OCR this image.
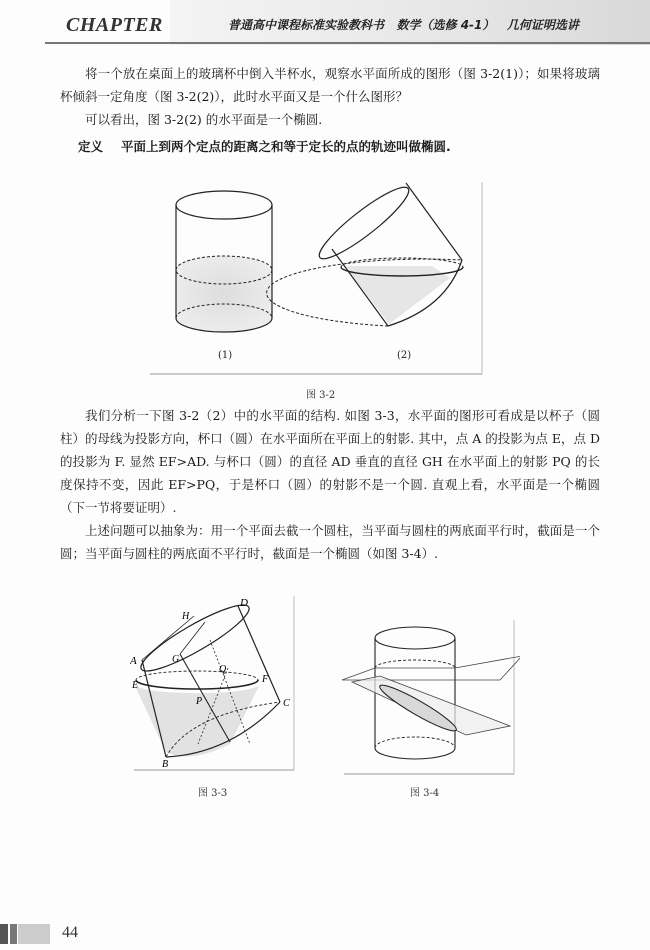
CHAPTER	普通高中课程标准实验教科书   数学（选修 4-1）   几何证明选讲

将一个放在桌面上的玻璃杯中倒入半杯水，观察水平面所成的图形（图 3-2(1)）；如果将玻璃杯倾斜一定角度（图 3-2(2)），此时水平面又是一个什么图形？

可以看出，图 3-2(2) 的水平面是一个椭圆.

定义 平面上到两个定点的距离之和等于定长的点的轨迹叫做椭圆.

(1)	(2)
图 3-2

我们分析一下图 3-2（2）中的水平面的结构. 如图 3-3，水平面的图形可看成是以杯子（圆柱）的母线为投影方向，杯口（圆）在水平面所在平面上的射影. 其中，点 A 的投影为点 E，点 D 的投影为 F. 显然 EF>AD. 与杯口（圆）的直径 AD 垂直的直径 GH 在水平面上的射影 PQ 的长度保持不变，因此 EF>PQ，于是杯口（圆）的射影不是一个圆. 直观上看，水平面是一个椭圆（下一节将要证明）.

上述问题可以抽象为：用一个平面去截一个圆柱，当平面与圆柱的两底面平行时，截面是一个圆；当平面与圆柱的两底面不平行时，截面是一个椭圆（如图 3-4）.

A
D
H
G
Q
E
F
P	C
B
图 3-3	图 3-4
44
